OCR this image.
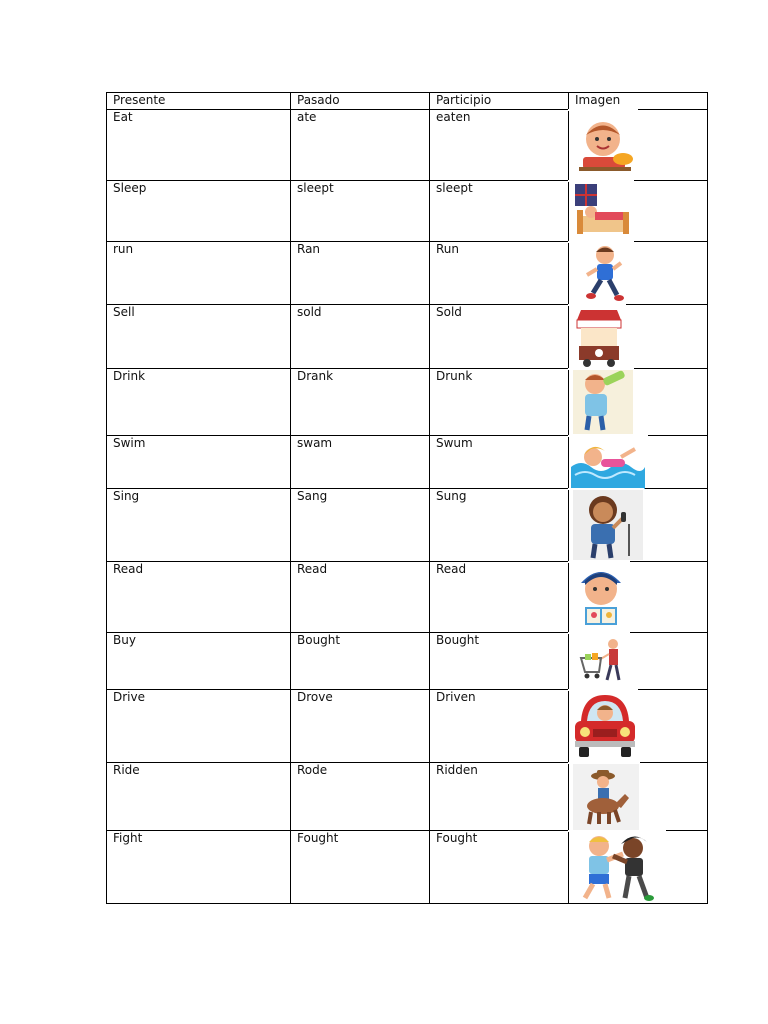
Presente	Pasado	Participio	Imagen
Eat	ate	eaten	

Sleep	sleept	sleept	

run	Ran	Run	

Sell	sold	Sold	

Drink	Drank	Drunk	

Swim	swam	Swum	

Sing	Sang	Sung	

Read	Read	Read	

Buy	Bought	Bought	

Drive	Drove	Driven	

Ride	Rode	Ridden	

Fight	Fought	Fought	
